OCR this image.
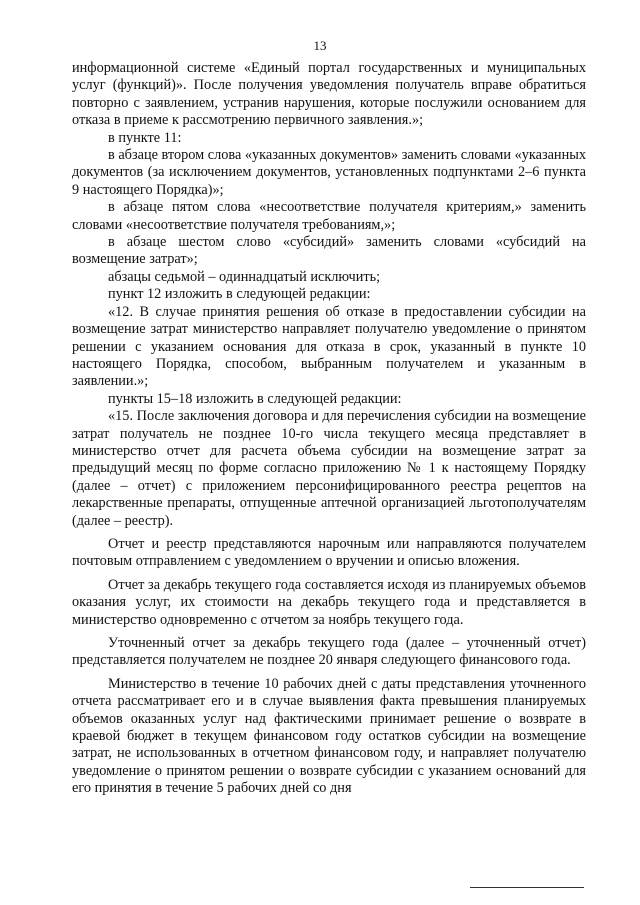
13

информационной системе «Единый портал государственных и муниципальных услуг (функций)». После получения уведомления получатель вправе обратиться повторно с заявлением, устранив нарушения, которые послужили основанием для отказа в приеме к рассмотрению первичного заявления.»;

в пункте 11:

в абзаце втором слова «указанных документов» заменить словами «указанных документов (за исключением документов, установленных подпунктами 2–6 пункта 9 настоящего Порядка)»;

в абзаце пятом слова «несоответствие получателя критериям,» заменить словами «несоответствие получателя требованиям,»;

в абзаце шестом слово «субсидий» заменить словами «субсидий на возмещение затрат»;

абзацы седьмой – одиннадцатый исключить;

пункт 12 изложить в следующей редакции:

«12. В случае принятия решения об отказе в предоставлении субсидии на возмещение затрат министерство направляет получателю уведомление о принятом решении с указанием основания для отказа в срок, указанный в пункте 10 настоящего Порядка, способом, выбранным получателем и указанным в заявлении.»;

пункты 15–18 изложить в следующей редакции:

«15. После заключения договора и для перечисления субсидии на возмещение затрат получатель не позднее 10-го числа текущего месяца представляет в министерство отчет для расчета объема субсидии на возмещение затрат за предыдущий месяц по форме согласно приложению № 1 к настоящему Порядку (далее – отчет) с приложением персонифицированного реестра рецептов на лекарственные препараты, отпущенные аптечной организацией льготополучателям (далее – реестр).

Отчет и реестр представляются нарочным или направляются получателем почтовым отправлением с уведомлением о вручении и описью вложения.

Отчет за декабрь текущего года составляется исходя из планируемых объемов оказания услуг, их стоимости на декабрь текущего года и представляется в министерство одновременно с отчетом за ноябрь текущего года.

Уточненный отчет за декабрь текущего года (далее – уточненный отчет) представляется получателем не позднее 20 января следующего финансового года.

Министерство в течение 10 рабочих дней с даты представления уточненного отчета рассматривает его и в случае выявления факта превышения планируемых объемов оказанных услуг над фактическими принимает решение о возврате в краевой бюджет в текущем финансовом году остатков субсидии на возмещение затрат, не использованных в отчетном финансовом году, и направляет получателю уведомление о принятом решении о возврате субсидии с указанием оснований для его принятия в течение 5 рабочих дней со дня
